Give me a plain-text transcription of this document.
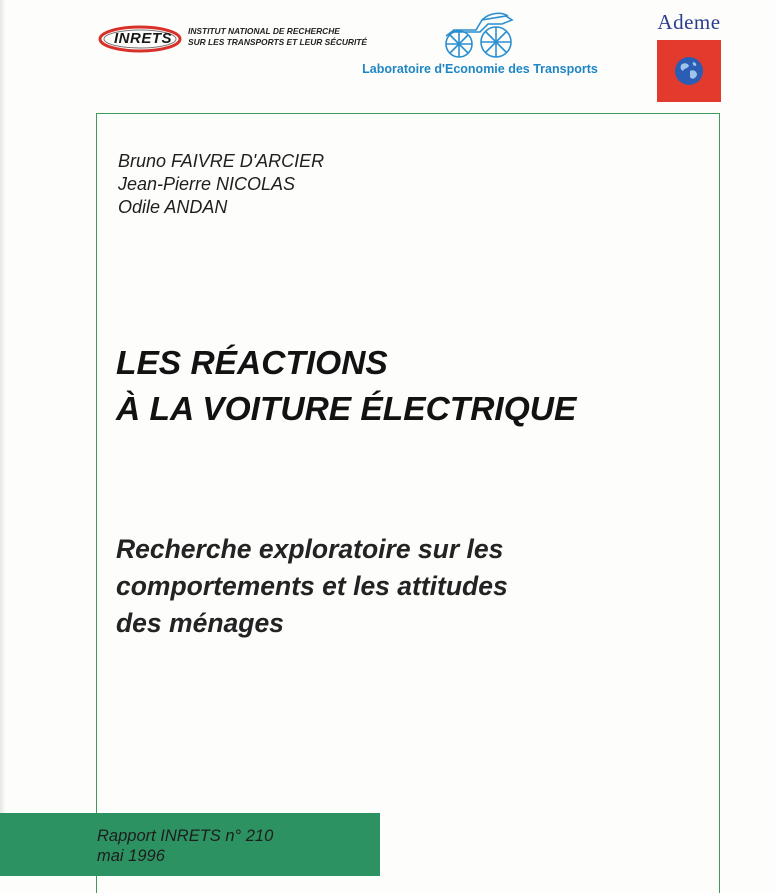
INRETS	INSTITUT NATIONAL DE RECHERCHE
SUR LES TRANSPORTS ET LEUR SÉCURITÉ
Laboratoire d'Economie des Transports
Ademe
Bruno FAIVRE D'ARCIER
Jean-Pierre NICOLAS
Odile ANDAN
LES RÉACTIONS
À LA VOITURE ÉLECTRIQUE
Recherche exploratoire sur les
comportements et les attitudes
des ménages
Rapport INRETS n° 210
mai 1996
